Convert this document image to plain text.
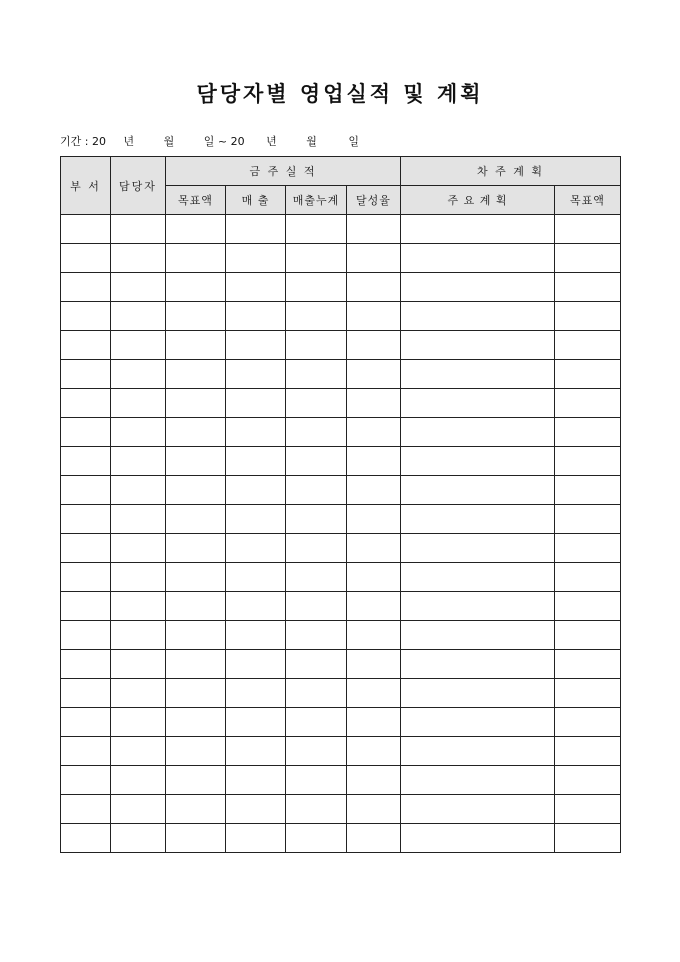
담당자별 영업실적 및 계획
기간 : 20 년	월	일 ~ 20 년	월	일
부 서	담당자	금 주 실 적				차 주 계 획	
		목표액	매 출	매출누계	달성율	주 요 계 획	목표액
